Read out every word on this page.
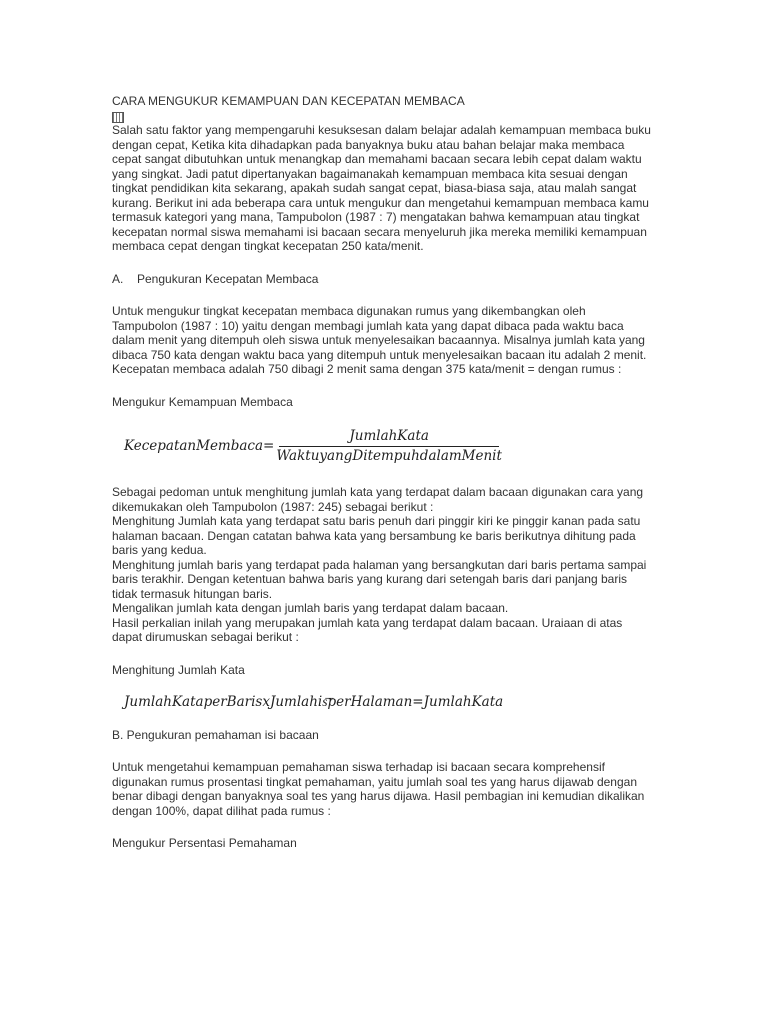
CARA MENGUKUR KEMAMPUAN DAN KECEPATAN MEMBACA

Salah satu faktor yang mempengaruhi kesuksesan dalam belajar adalah kemampuan membaca buku dengan cepat, Ketika kita dihadapkan pada banyaknya buku atau bahan belajar maka membaca cepat sangat dibutuhkan untuk menangkap dan memahami bacaan secara lebih cepat dalam waktu yang singkat. Jadi patut dipertanyakan bagaimanakah kemampuan membaca kita sesuai dengan tingkat pendidikan kita sekarang, apakah sudah sangat cepat, biasa-biasa saja, atau malah sangat kurang. Berikut ini ada beberapa cara untuk mengukur dan mengetahui kemampuan membaca kamu termasuk kategori yang mana, Tampubolon (1987 : 7) mengatakan bahwa kemampuan atau tingkat kecepatan normal siswa memahami isi bacaan secara menyeluruh jika mereka memiliki kemampuan membaca cepat dengan tingkat kecepatan 250 kata/menit.

A. Pengukuran Kecepatan Membaca

Untuk mengukur tingkat kecepatan membaca digunakan rumus yang dikembangkan oleh Tampubolon (1987 : 10) yaitu dengan membagi jumlah kata yang dapat dibaca pada waktu baca dalam menit yang ditempuh oleh siswa untuk menyelesaikan bacaannya. Misalnya jumlah kata yang dibaca 750 kata dengan waktu baca yang ditempuh untuk menyelesaikan bacaan itu adalah 2 menit. Kecepatan membaca adalah 750 dibagi 2 menit sama dengan 375 kata/menit = dengan rumus :

Mengukur Kemampuan Membaca

KecepatanMembaca= $\frac{\text{JumlahKata}}{\text{WaktuyangDitempuhdalamMenit}}$

Sebagai pedoman untuk menghitung jumlah kata yang terdapat dalam bacaan digunakan cara yang dikemukakan oleh Tampubolon (1987: 245) sebagai berikut :

Menghitung Jumlah kata yang terdapat satu baris penuh dari pinggir kiri ke pinggir kanan pada satu halaman bacaan. Dengan catatan bahwa kata yang bersambung ke baris berikutnya dihitung pada baris yang kedua.

Menghitung jumlah baris yang terdapat pada halaman yang bersangkutan dari baris pertama sampai baris terakhir. Dengan ketentuan bahwa baris yang kurang dari setengah baris dari panjang baris tidak termasuk hitungan baris.

Mengalikan jumlah kata dengan jumlah baris yang terdapat dalam bacaan.

Hasil perkalian inilah yang merupakan jumlah kata yang terdapat dalam bacaan. Uraiaan di atas dapat dirumuskan sebagai berikut :

Menghitung Jumlah Kata

JumlahKataperBarisxJumlahis͞perHalaman=JumlahKata

B. Pengukuran pemahaman isi bacaan

Untuk mengetahui kemampuan pemahaman siswa terhadap isi bacaan secara komprehensif digunakan rumus prosentasi tingkat pemahaman, yaitu jumlah soal tes yang harus dijawab dengan benar dibagi dengan banyaknya soal tes yang harus dijawa. Hasil pembagian ini kemudian dikalikan dengan 100%, dapat dilihat pada rumus :

Mengukur Persentasi Pemahaman
